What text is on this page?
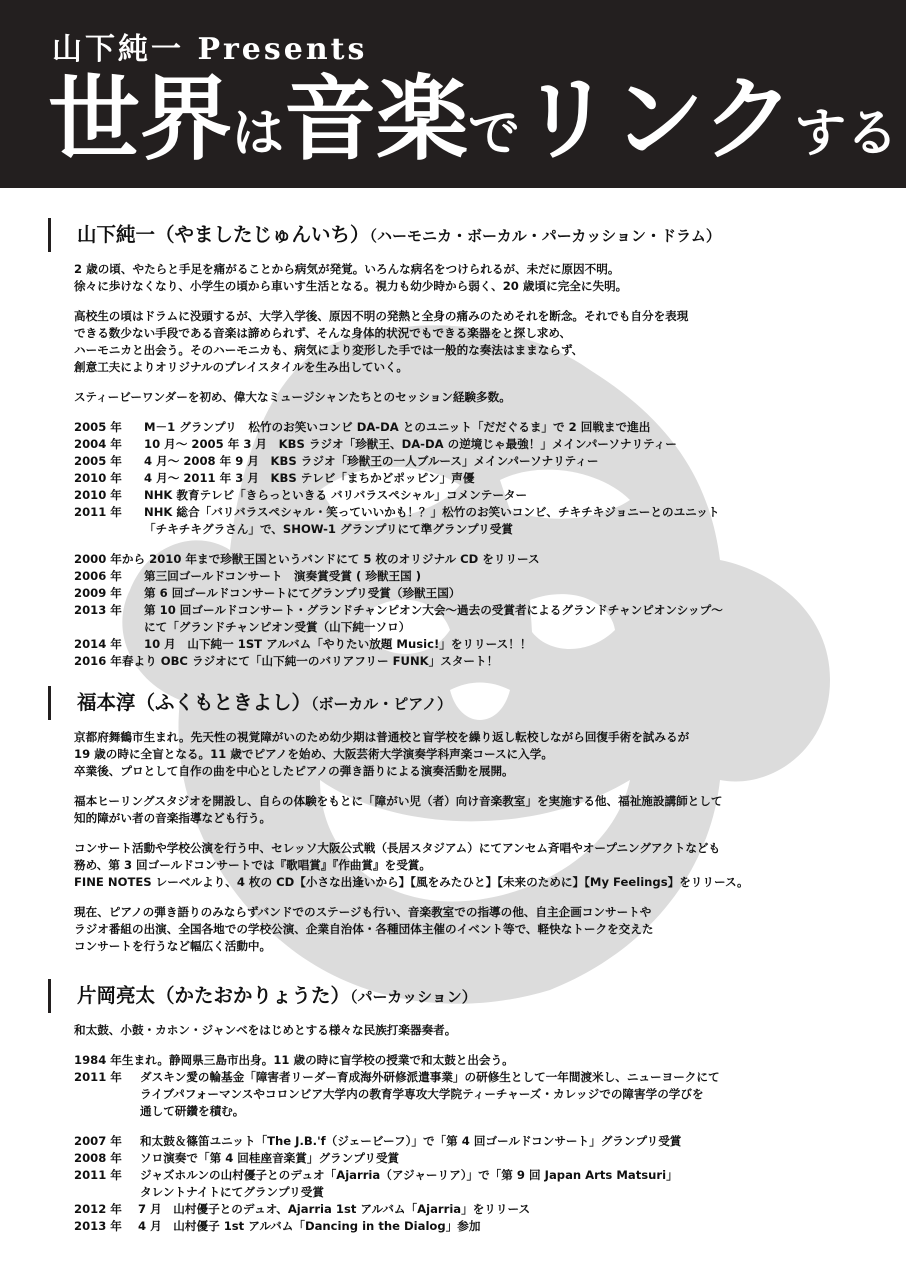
山下純一 Presents
世界は音楽でリンクする
山下純一（やましたじゅんいち）（ハーモニカ・ボーカル・パーカッション・ドラム）
2 歳の頃、やたらと手足を痛がることから病気が発覚。いろんな病名をつけられるが、未だに原因不明。
徐々に歩けなくなり、小学生の頃から車いす生活となる。視力も幼少時から弱く、20 歳頃に完全に失明。
高校生の頃はドラムに没頭するが、大学入学後、原因不明の発熱と全身の痛みのためそれを断念。それでも自分を表現
できる数少ない手段である音楽は諦められず、そんな身体的状況でもできる楽器をと探し求め、
ハーモニカと出会う。そのハーモニカも、病気により変形した手では一般的な奏法はままならず、
創意工夫によりオリジナルのプレイスタイルを生み出していく。
スティービーワンダーを初め、偉大なミュージシャンたちとのセッション経験多数。
2005 年	M－1 グランプリ　松竹のお笑いコンビ DA-DA とのユニット「だだぐるま」で 2 回戦まで進出
2004 年	10 月～ 2005 年 3 月　KBS ラジオ「珍獣王、DA-DA の逆境じゃ最強！」メインパーソナリティー
2005 年	4 月～ 2008 年 9 月　KBS ラジオ「珍獣王の一人ブルース」メインパーソナリティー
2010 年	4 月～ 2011 年 3 月　KBS テレビ「まちかどポッピン」声優
2010 年	NHK 教育テレビ「きらっといきる バリバラスペシャル」コメンテーター
2011 年	NHK 総合「バリバラスペシャル・笑っていいかも！？」松竹のお笑いコンビ、チキチキジョニーとのユニット
「チキチキグラさん」で、SHOW-1 グランプリにて準グランプリ受賞
2000 年から 2010 年まで珍獣王国というバンドにて 5 枚のオリジナル CD をリリース
2006 年	第三回ゴールドコンサート　演奏賞受賞 ( 珍獣王国 )
2009 年	第 6 回ゴールドコンサートにてグランプリ受賞（珍獣王国）
2013 年	第 10 回ゴールドコンサート・グランドチャンピオン大会～過去の受賞者によるグランドチャンピオンシップ～
にて「グランドチャンピオン受賞（山下純一ソロ）
2014 年	10 月　山下純一 1ST アルバム「やりたい放題 Music!」をリリース！！
2016 年春より OBC ラジオにて「山下純一のバリアフリー FUNK」スタート！
福本淳（ふくもときよし）（ボーカル・ピアノ）
京都府舞鶴市生まれ。先天性の視覚障がいのため幼少期は普通校と盲学校を繰り返し転校しながら回復手術を試みるが
19 歳の時に全盲となる。11 歳でピアノを始め、大阪芸術大学演奏学科声楽コースに入学。
卒業後、プロとして自作の曲を中心としたピアノの弾き語りによる演奏活動を展開。
福本ヒーリングスタジオを開設し、自らの体験をもとに「障がい児（者）向け音楽教室」を実施する他、福祉施設講師として
知的障がい者の音楽指導なども行う。
コンサート活動や学校公演を行う中、セレッソ大阪公式戦（長居スタジアム）にてアンセム斉唱やオープニングアクトなども
務め、第 3 回ゴールドコンサートでは『歌唱賞』『作曲賞』を受賞。
FINE NOTES レーベルより、4 枚の CD【小さな出逢いから】【風をみたひと】【未来のために】【My Feelings】をリリース。
現在、ピアノの弾き語りのみならずバンドでのステージも行い、音楽教室での指導の他、自主企画コンサートや
ラジオ番組の出演、全国各地での学校公演、企業自治体・各種団体主催のイベント等で、軽快なトークを交えた
コンサートを行うなど幅広く活動中。
片岡亮太（かたおかりょうた）（パーカッション）
和太鼓、小鼓・カホン・ジャンベをはじめとする様々な民族打楽器奏者。
1984 年生まれ。静岡県三島市出身。11 歳の時に盲学校の授業で和太鼓と出会う。
2011 年	ダスキン愛の輪基金「障害者リーダー育成海外研修派遣事業」の研修生として一年間渡米し、ニューヨークにて
ライブパフォーマンスやコロンビア大学内の教育学専攻大学院ティーチャーズ・カレッジでの障害学の学びを
通して研鑽を積む。
2007 年	和太鼓＆篠笛ユニット「The J.B.'f（ジェービーフ）」で「第 4 回ゴールドコンサート」グランプリ受賞
2008 年	ソロ演奏で「第 4 回桂座音楽賞」グランプリ受賞
2011 年	ジャズホルンの山村優子とのデュオ「Ajarria（アジャーリア）」で「第 9 回 Japan Arts Matsuri」
タレントナイトにてグランプリ受賞
2012 年	7 月　山村優子とのデュオ、Ajarria 1st アルバム「Ajarria」をリリース
2013 年	4 月　山村優子 1st アルバム「Dancing in the Dialog」参加
